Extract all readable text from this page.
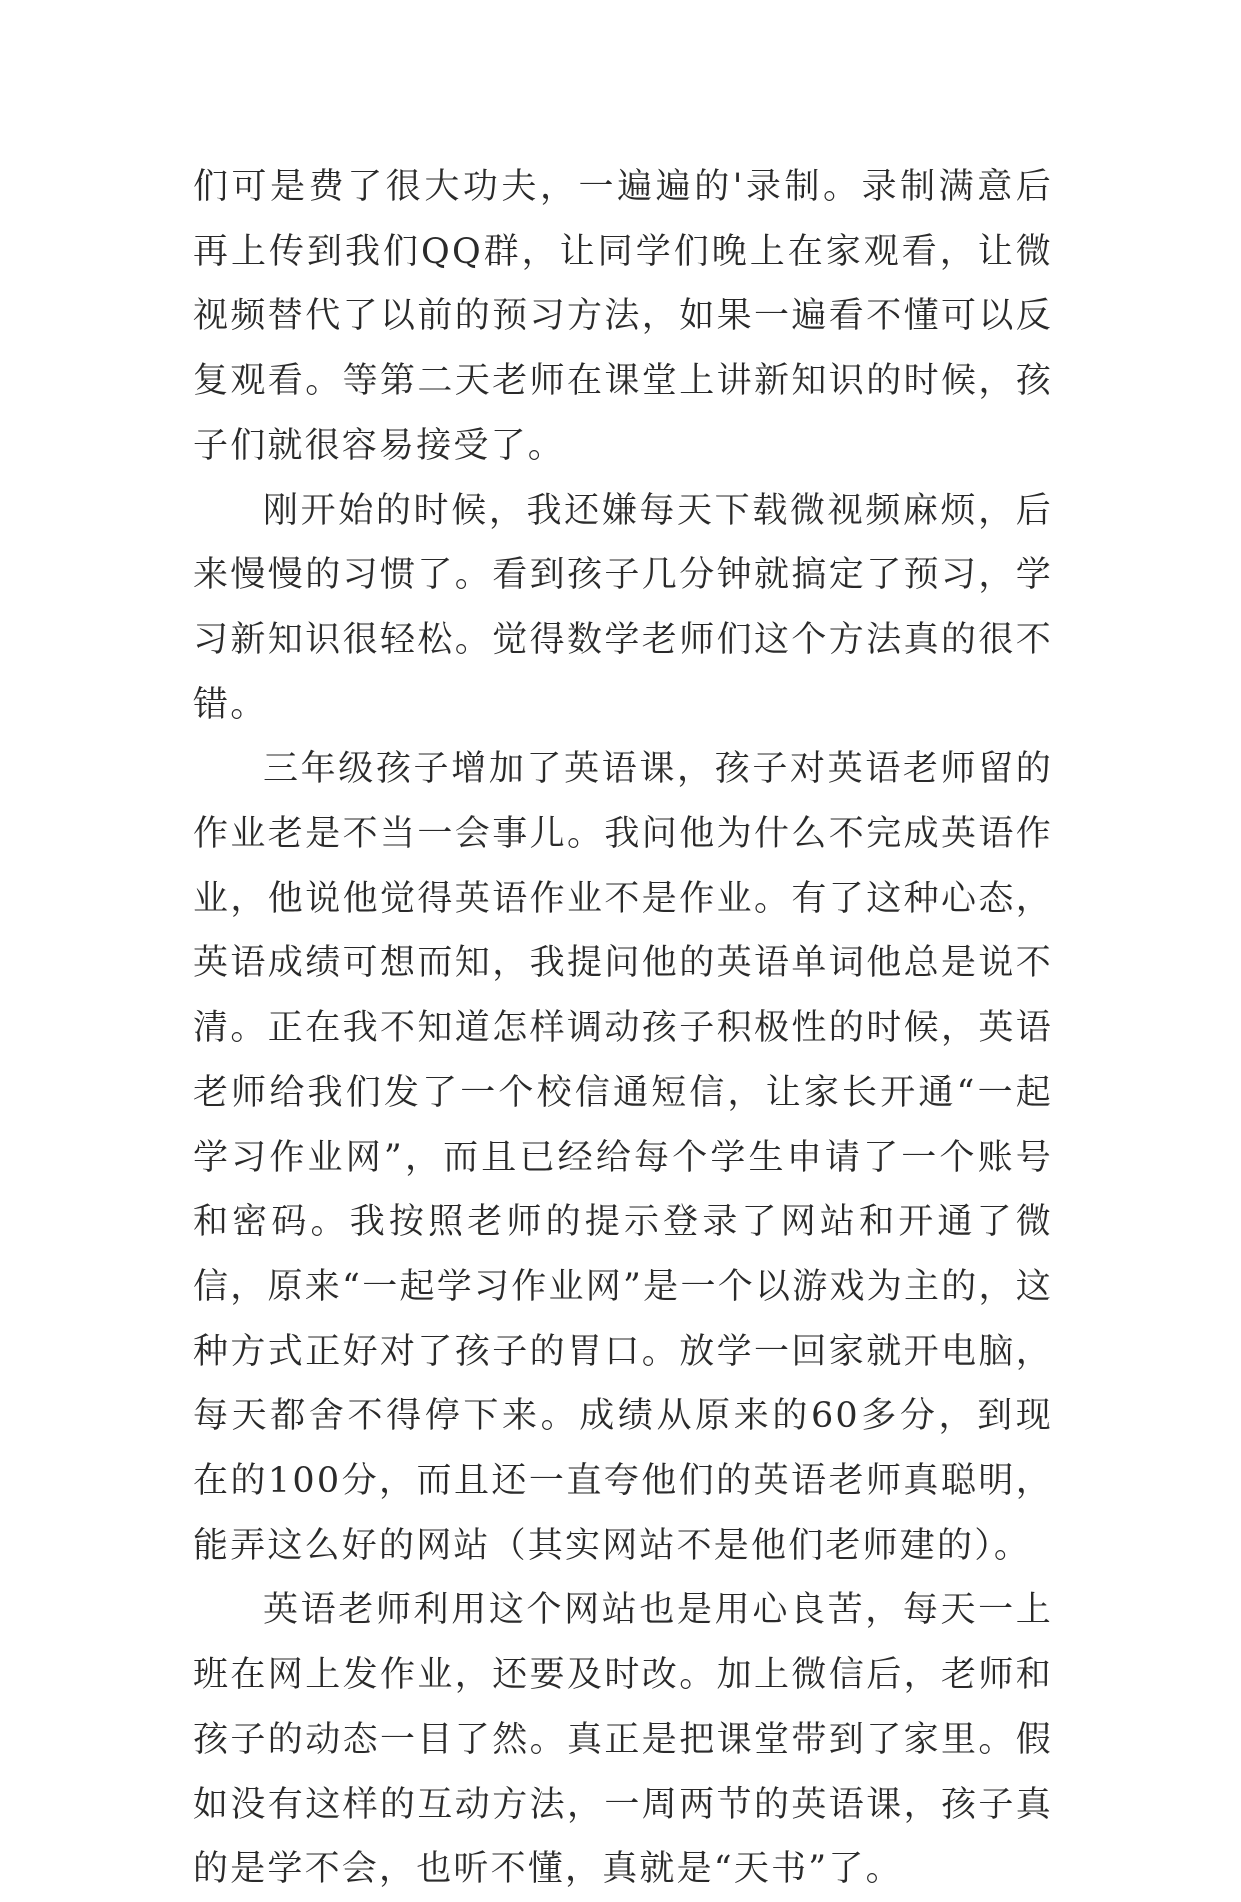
们可是费了很大功夫，一遍遍的'录制。录制满意后再上传到我们QQ群，让同学们晚上在家观看，让微视频替代了以前的预习方法，如果一遍看不懂可以反复观看。等第二天老师在课堂上讲新知识的时候，孩子们就很容易接受了。

刚开始的时候，我还嫌每天下载微视频麻烦，后来慢慢的习惯了。看到孩子几分钟就搞定了预习，学习新知识很轻松。觉得数学老师们这个方法真的很不错。

三年级孩子增加了英语课，孩子对英语老师留的作业老是不当一会事儿。我问他为什么不完成英语作业，他说他觉得英语作业不是作业。有了这种心态，英语成绩可想而知，我提问他的英语单词他总是说不清。正在我不知道怎样调动孩子积极性的时候，英语老师给我们发了一个校信通短信，让家长开通“一起学习作业网”，而且已经给每个学生申请了一个账号和密码。我按照老师的提示登录了网站和开通了微信，原来“一起学习作业网”是一个以游戏为主的，这种方式正好对了孩子的胃口。放学一回家就开电脑，每天都舍不得停下来。成绩从原来的60多分，到现在的100分，而且还一直夸他们的英语老师真聪明，能弄这么好的网站（其实网站不是他们老师建的）。

英语老师利用这个网站也是用心良苦，每天一上班在网上发作业，还要及时改。加上微信后，老师和孩子的动态一目了然。真正是把课堂带到了家里。假如没有这样的互动方法，一周两节的英语课，孩子真的是学不会，也听不懂，真就是“天书”了。
